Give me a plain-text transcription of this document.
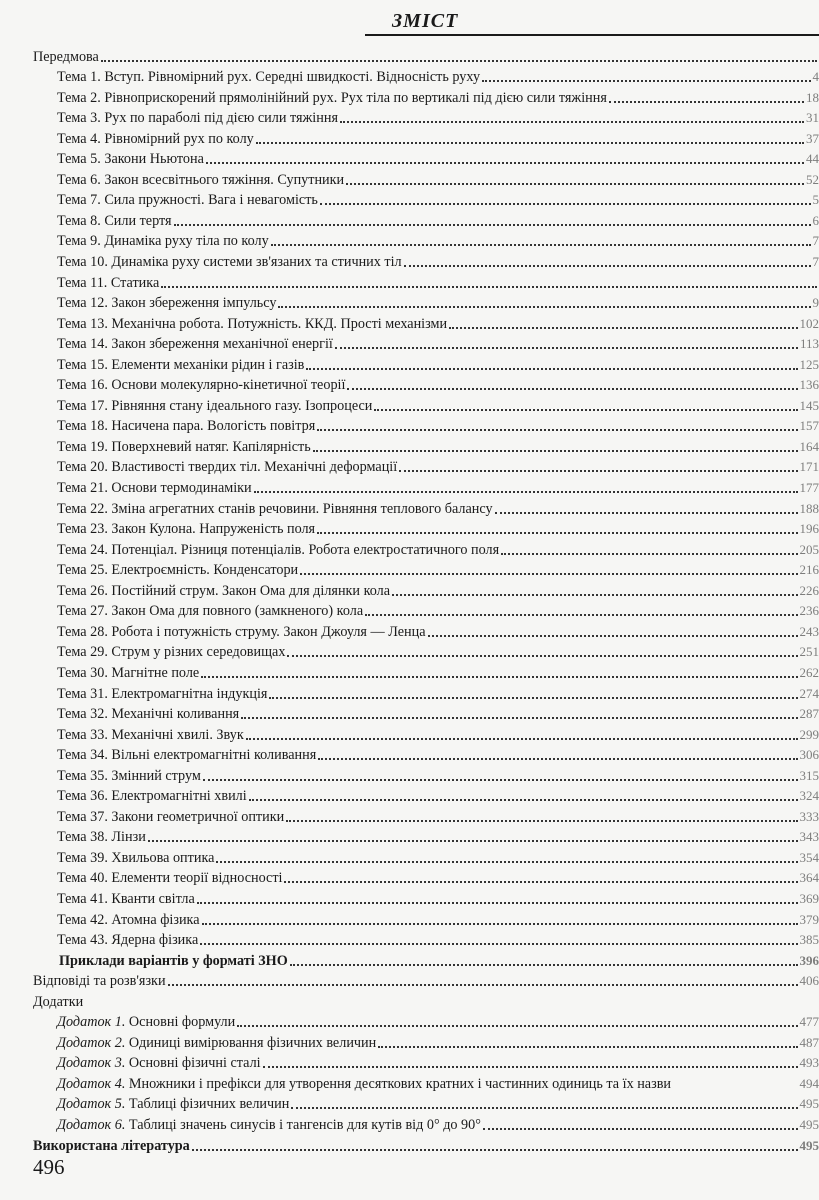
ЗМІСТ
Передмова
Тема 1. Вступ. Рівномірний рух. Середні швидкості. Відносність руху	4
Тема 2. Рівноприскорений прямолінійний рух. Рух тіла по вертикалі під дією сили тяжіння	18
Тема 3. Рух по параболі під дією сили тяжіння	31
Тема 4. Рівномірний рух по колу	37
Тема 5. Закони Ньютона	44
Тема 6. Закон всесвітнього тяжіння. Супутники	52
Тема 7. Сила пружності. Вага і невагомість	5
Тема 8. Сили тертя	6
Тема 9. Динаміка руху тіла по колу	7
Тема 10. Динаміка руху системи зв'язаних та стичних тіл	7
Тема 11. Статика
Тема 12. Закон збереження імпульсу	9
Тема 13. Механічна робота. Потужність. ККД. Прості механізми	102
Тема 14. Закон збереження механічної енергії	113
Тема 15. Елементи механіки рідин і газів	125
Тема 16. Основи молекулярно-кінетичної теорії	136
Тема 17. Рівняння стану ідеального газу. Ізопроцеси	145
Тема 18. Насичена пара. Вологість повітря	157
Тема 19. Поверхневий натяг. Капілярність	164
Тема 20. Властивості твердих тіл. Механічні деформації	171
Тема 21. Основи термодинаміки	177
Тема 22. Зміна агрегатних станів речовини. Рівняння теплового балансу	188
Тема 23. Закон Кулона. Напруженість поля	196
Тема 24. Потенціал. Різниця потенціалів. Робота електростатичного поля	205
Тема 25. Електроємність. Конденсатори	216
Тема 26. Постійний струм. Закон Ома для ділянки кола	226
Тема 27. Закон Ома для повного (замкненого) кола	236
Тема 28. Робота і потужність струму. Закон Джоуля — Ленца	243
Тема 29. Струм у різних середовищах	251
Тема 30. Магнітне поле	262
Тема 31. Електромагнітна індукція	274
Тема 32. Механічні коливання	287
Тема 33. Механічні хвилі. Звук	299
Тема 34. Вільні електромагнітні коливання	306
Тема 35. Змінний струм	315
Тема 36. Електромагнітні хвилі	324
Тема 37. Закони геометричної оптики	333
Тема 38. Лінзи	343
Тема 39. Хвильова оптика	354
Тема 40. Елементи теорії відносності	364
Тема 41. Кванти світла	369
Тема 42. Атомна фізика	379
Тема 43. Ядерна фізика	385
Приклади варіантів у форматі ЗНО	396
Відповіді та розв'язки	406
Додатки
Додаток 1. Основні формули	477
Додаток 2. Одиниці вимірювання фізичних величин	487
Додаток 3. Основні фізичні сталі	493
Додаток 4. Множники і префікси для утворення десяткових кратних і частинних одиниць та їх назви	494
Додаток 5. Таблиці фізичних величин	495
Додаток 6. Таблиці значень синусів і тангенсів для кутів від 0° до 90°	495
Використана література	495
496
